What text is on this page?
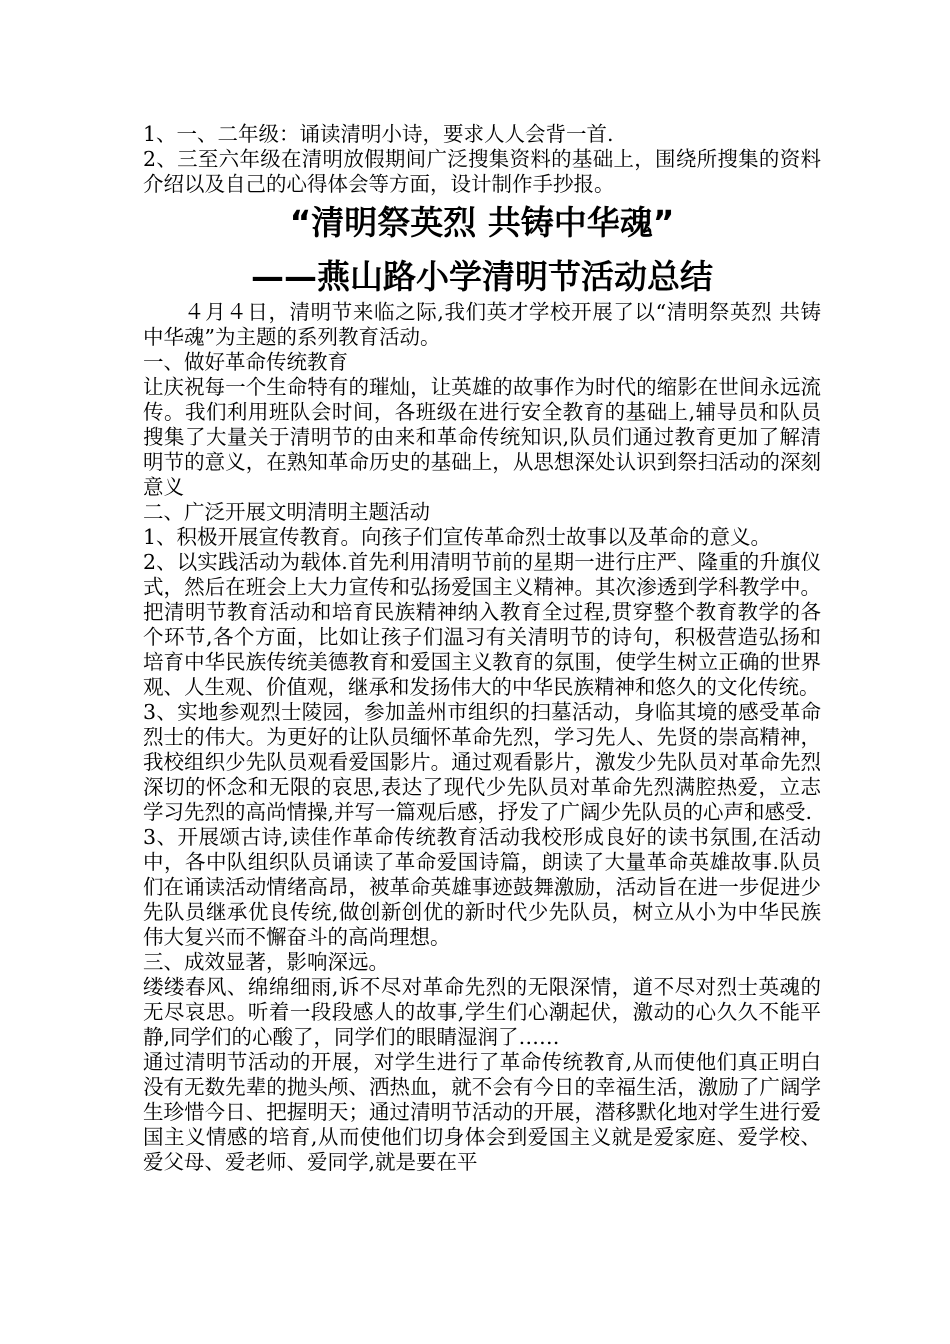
1、一、二年级：诵读清明小诗，要求人人会背一首.

2、三至六年级在清明放假期间广泛搜集资料的基础上，围绕所搜集的资料介绍以及自己的心得体会等方面，设计制作手抄报。

“清明祭英烈 共铸中华魂”
——燕山路小学清明节活动总结

４月４日，清明节来临之际,我们英才学校开展了以“清明祭英烈 共铸中华魂”为主题的系列教育活动。

一、做好革命传统教育

让庆祝每一个生命特有的璀灿，让英雄的故事作为时代的缩影在世间永远流传。我们利用班队会时间，各班级在进行安全教育的基础上,辅导员和队员搜集了大量关于清明节的由来和革命传统知识,队员们通过教育更加了解清明节的意义，在熟知革命历史的基础上，从思想深处认识到祭扫活动的深刻意义

二、广泛开展文明清明主题活动

1、积极开展宣传教育。向孩子们宣传革命烈士故事以及革命的意义。

2、以实践活动为载体.首先利用清明节前的星期一进行庄严、隆重的升旗仪式，然后在班会上大力宣传和弘扬爱国主义精神。其次渗透到学科教学中。把清明节教育活动和培育民族精神纳入教育全过程,贯穿整个教育教学的各个环节,各个方面，比如让孩子们温习有关清明节的诗句，积极营造弘扬和培育中华民族传统美德教育和爱国主义教育的氛围，使学生树立正确的世界观、人生观、价值观，继承和发扬伟大的中华民族精神和悠久的文化传统。

3、实地参观烈士陵园，参加盖州市组织的扫墓活动，身临其境的感受革命烈士的伟大。为更好的让队员缅怀革命先烈，学习先人、先贤的崇高精神，我校组织少先队员观看爱国影片。通过观看影片，激发少先队员对革命先烈深切的怀念和无限的哀思,表达了现代少先队员对革命先烈满腔热爱，立志学习先烈的高尚情操,并写一篇观后感，抒发了广阔少先队员的心声和感受.

3、开展颂古诗,读佳作革命传统教育活动我校形成良好的读书氛围,在活动中，各中队组织队员诵读了革命爱国诗篇，朗读了大量革命英雄故事.队员们在诵读活动情绪高昂，被革命英雄事迹鼓舞激励，活动旨在进一步促进少先队员继承优良传统,做创新创优的新时代少先队员，树立从小为中华民族伟大复兴而不懈奋斗的高尚理想。

三、成效显著，影响深远。

缕缕春风、绵绵细雨,诉不尽对革命先烈的无限深情，道不尽对烈士英魂的无尽哀思。听着一段段感人的故事,学生们心潮起伏，激动的心久久不能平静,同学们的心酸了，同学们的眼睛湿润了……

通过清明节活动的开展，对学生进行了革命传统教育,从而使他们真正明白没有无数先辈的抛头颅、洒热血，就不会有今日的幸福生活，激励了广阔学生珍惜今日、把握明天；通过清明节活动的开展，潜移默化地对学生进行爱国主义情感的培育,从而使他们切身体会到爱国主义就是爱家庭、爱学校、爱父母、爱老师、爱同学,就是要在平
